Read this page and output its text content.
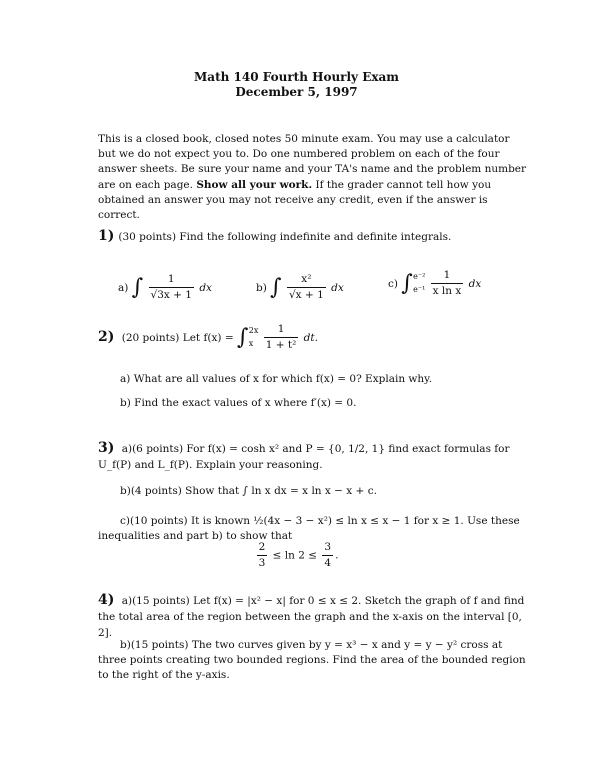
Math 140 Fourth Hourly Exam
December 5, 1997
This is a closed book, closed notes 50 minute exam. You may use a calculator but we do not expect you to. Do one numbered problem on each of the four answer sheets. Be sure your name and your TA's name and the problem number are on each page. Show all your work. If the grader cannot tell how you obtained an answer you may not receive any credit, even if the answer is correct.
1) (30 points) Find the following indefinite and definite integrals.
a) ∫ $\frac{1}{√3x + 1}$ dx	b) ∫ $\frac{\text{x²}}{√x + 1}$ dx	c) ∫ e⁻²
e⁻¹
$\frac{1}{\text{x ln x}}$ dx
2) (20 points) Let f(x) = ∫ 2x
x
$\frac{1}{\text{1 + t²}}$ dt.
a) What are all values of x for which f(x) = 0? Explain why.
b) Find the exact values of x where f′(x) = 0.
3) a)(6 points) For f(x) = cosh x² and P = {0, 1/2, 1} find exact formulas for U_f(P) and L_f(P). Explain your reasoning.
b)(4 points) Show that ∫ ln x dx = x ln x − x + c.
c)(10 points) It is known ½(4x − 3 − x²) ≤ ln x ≤ x − 1 for x ≥ 1. Use these inequalities and part b) to show that
$\frac{2}{3} \le \ln 2 \le \frac{3}{4}$ .
4) a)(15 points) Let f(x) = |x² − x| for 0 ≤ x ≤ 2. Sketch the graph of f and find the total area of the region between the graph and the x-axis on the interval [0, 2].
b)(15 points) The two curves given by y = x³ − x and y = y − y² cross at three points creating two bounded regions. Find the area of the bounded region to the right of the y-axis.
